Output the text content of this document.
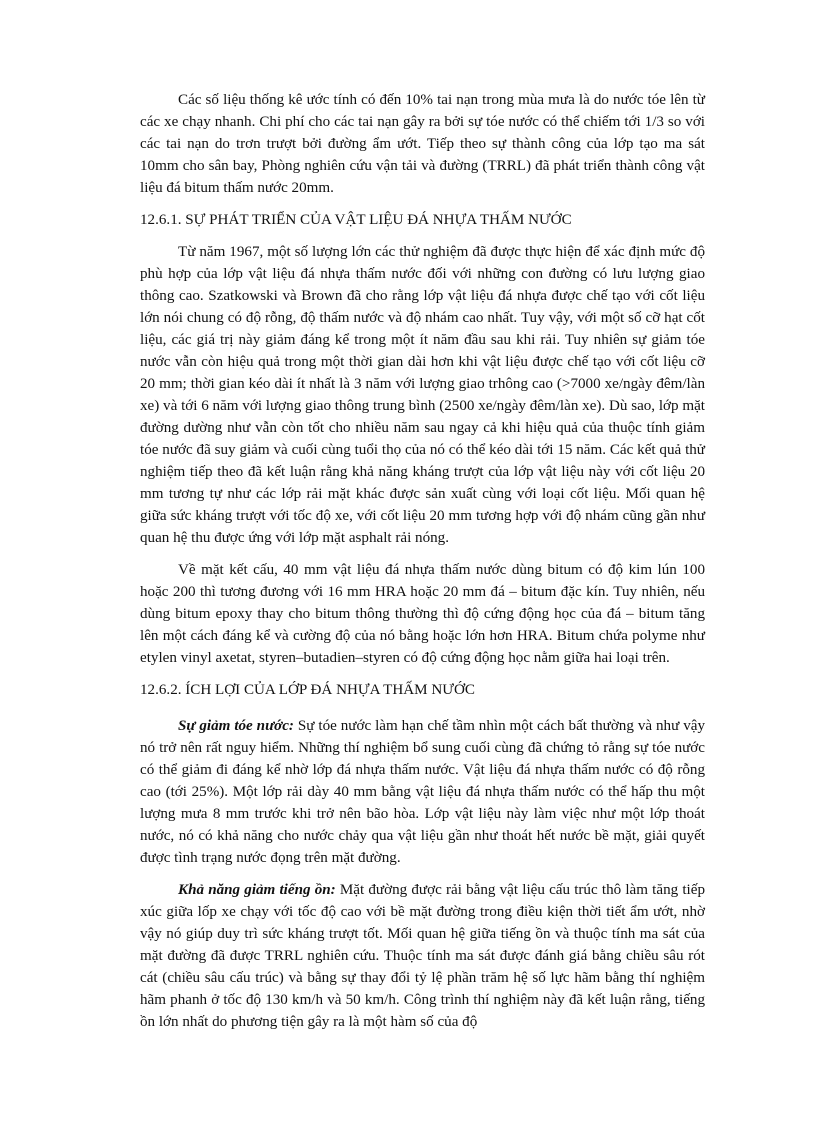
Các số liệu thống kê ước tính có đến 10% tai nạn trong mùa mưa là do nước tóe lên từ các xe chạy nhanh. Chi phí cho các tai nạn gây ra bởi sự tóe nước có thể chiếm tới 1/3 so với các tai nạn do trơn trượt bởi đường ẩm ướt. Tiếp theo sự thành công của lớp tạo ma sát 10mm cho sân bay, Phòng nghiên cứu vận tải và đường (TRRL) đã phát triển thành công vật liệu đá bitum thấm nước 20mm.

12.6.1. SỰ PHÁT TRIỂN CỦA VẬT LIỆU ĐÁ NHỰA THẤM NƯỚC

Từ năm 1967, một số lượng lớn các thử nghiệm đã được thực hiện để xác định mức độ phù hợp của lớp vật liệu đá nhựa thấm nước đối với những con đường có lưu lượng giao thông cao. Szatkowski và Brown đã cho rằng lớp vật liệu đá nhựa được chế tạo với cốt liệu lớn nói chung có độ rỗng, độ thấm nước và độ nhám cao nhất. Tuy vậy, với một số cỡ hạt cốt liệu, các giá trị này giảm đáng kể trong một ít năm đầu sau khi rải. Tuy nhiên sự giảm tóe nước vẫn còn hiệu quả trong một thời gian dài hơn khi vật liệu được chế tạo với cốt liệu cỡ 20 mm; thời gian kéo dài ít nhất là 3 năm với lượng giao trhông cao (>7000 xe/ngày đêm/làn xe) và tới 6 năm với lượng giao thông trung bình (2500 xe/ngày đêm/làn xe). Dù sao, lớp mặt đường dường như vẫn còn tốt cho nhiều năm sau ngay cả khi hiệu quả của thuộc tính giảm tóe nước đã suy giảm và cuối cùng tuổi thọ của nó có thể kéo dài tới 15 năm. Các kết quả thử nghiệm tiếp theo đã kết luận rằng khả năng kháng trượt của lớp vật liệu này với cốt liệu 20 mm tương tự như các lớp rải mặt khác được sản xuất cùng với loại cốt liệu. Mối quan hệ giữa sức kháng trượt với tốc độ xe, với cốt liệu 20 mm tương hợp với độ nhám cũng gần như quan hệ thu được ứng với lớp mặt asphalt rải nóng.

Về mặt kết cấu, 40 mm vật liệu đá nhựa thấm nước dùng bitum có độ kim lún 100 hoặc 200 thì tương đương với 16 mm HRA hoặc 20 mm đá – bitum đặc kín. Tuy nhiên, nếu dùng bitum epoxy thay cho bitum thông thường thì độ cứng động học của đá – bitum tăng lên một cách đáng kể và cường độ của nó bằng hoặc lớn hơn HRA. Bitum chứa polyme như etylen vinyl axetat, styren–butadien–styren có độ cứng động học nằm giữa hai loại trên.

12.6.2. ÍCH LỢI CỦA LỚP ĐÁ NHỰA THẤM NƯỚC

Sự giảm tóe nước: Sự tóe nước làm hạn chế tầm nhìn một cách bất thường và như vậy nó trở nên rất nguy hiểm. Những thí nghiệm bổ sung cuối cùng đã chứng tỏ rằng sự tóe nước có thể giảm đi đáng kể nhờ lớp đá nhựa thấm nước. Vật liệu đá nhựa thấm nước có độ rỗng cao (tới 25%). Một lớp rải dày 40 mm bằng vật liệu đá nhựa thấm nước có thể hấp thu một lượng mưa 8 mm trước khi trở nên bão hòa. Lớp vật liệu này làm việc như một lớp thoát nước, nó có khả năng cho nước chảy qua vật liệu gần như thoát hết nước bề mặt, giải quyết được tình trạng nước đọng trên mặt đường.

Khả năng giảm tiếng ồn: Mặt đường được rải bằng vật liệu cấu trúc thô làm tăng tiếp xúc giữa lốp xe chạy với tốc độ cao với bề mặt đường trong điều kiện thời tiết ẩm ướt, nhờ vậy nó giúp duy trì sức kháng trượt tốt. Mối quan hệ giữa tiếng ồn và thuộc tính ma sát của mặt đường đã được TRRL nghiên cứu. Thuộc tính ma sát được đánh giá bằng chiều sâu rót cát (chiều sâu cấu trúc) và bằng sự thay đổi tỷ lệ phần trăm hệ số lực hãm bằng thí nghiệm hãm phanh ở tốc độ 130 km/h và 50 km/h. Công trình thí nghiệm này đã kết luận rằng, tiếng ồn lớn nhất do phương tiện gây ra là một hàm số của độ
